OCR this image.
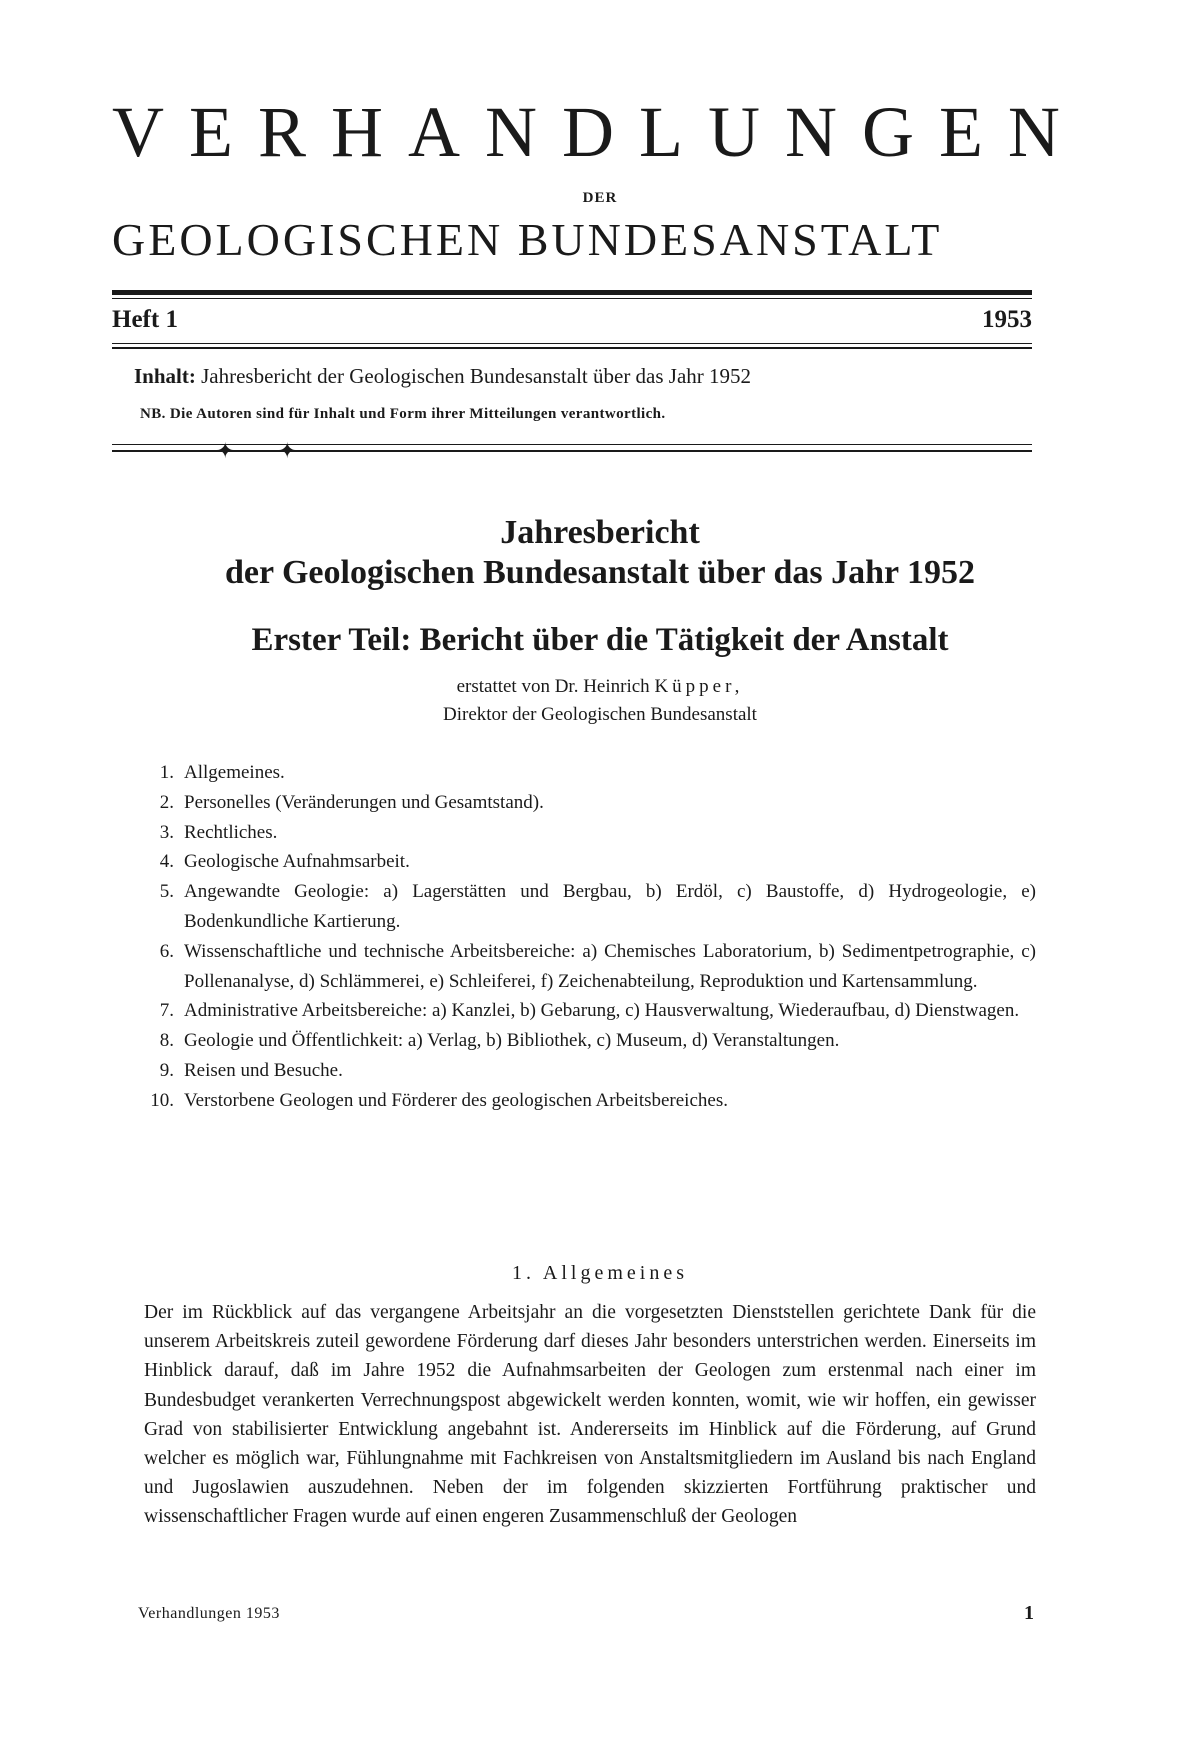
VERHANDLUNGEN
DER
GEOLOGISCHEN BUNDESANSTALT
Heft 1	1953
Inhalt: Jahresbericht der Geologischen Bundesanstalt über das Jahr 1952
NB. Die Autoren sind für Inhalt und Form ihrer Mitteilungen verantwortlich.
✦ ✦
Jahresbericht
der Geologischen Bundesanstalt über das Jahr 1952
Erster Teil: Bericht über die Tätigkeit der Anstalt
erstattet von Dr. Heinrich Küpper,
Direktor der Geologischen Bundesanstalt
1. Allgemeines.
2. Personelles (Veränderungen und Gesamtstand).
3. Rechtliches.
4. Geologische Aufnahmsarbeit.
5. Angewandte Geologie: a) Lagerstätten und Bergbau, b) Erdöl, c) Baustoffe, d) Hydrogeologie, e) Bodenkundliche Kartierung.
6. Wissenschaftliche und technische Arbeitsbereiche: a) Chemisches Laboratorium, b) Sedimentpetrographie, c) Pollenanalyse, d) Schlämmerei, e) Schleiferei, f) Zeichenabteilung, Reproduktion und Kartensammlung.
7. Administrative Arbeitsbereiche: a) Kanzlei, b) Gebarung, c) Hausverwaltung, Wiederaufbau, d) Dienstwagen.
8. Geologie und Öffentlichkeit: a) Verlag, b) Bibliothek, c) Museum, d) Veranstaltungen.
9. Reisen und Besuche.
10. Verstorbene Geologen und Förderer des geologischen Arbeitsbereiches.
1. Allgemeines

Der im Rückblick auf das vergangene Arbeitsjahr an die vorgesetzten Dienststellen gerichtete Dank für die unserem Arbeitskreis zuteil gewordene Förderung darf dieses Jahr besonders unterstrichen werden. Einerseits im Hinblick darauf, daß im Jahre 1952 die Aufnahmsarbeiten der Geologen zum erstenmal nach einer im Bundesbudget verankerten Verrechnungspost abgewickelt werden konnten, womit, wie wir hoffen, ein gewisser Grad von stabilisierter Entwicklung angebahnt ist. Andererseits im Hinblick auf die Förderung, auf Grund welcher es möglich war, Fühlungnahme mit Fachkreisen von Anstaltsmitgliedern im Ausland bis nach England und Jugoslawien auszudehnen. Neben der im folgenden skizzierten Fortführung praktischer und wissenschaftlicher Fragen wurde auf einen engeren Zusammenschluß der Geologen

Verhandlungen 1953	1
